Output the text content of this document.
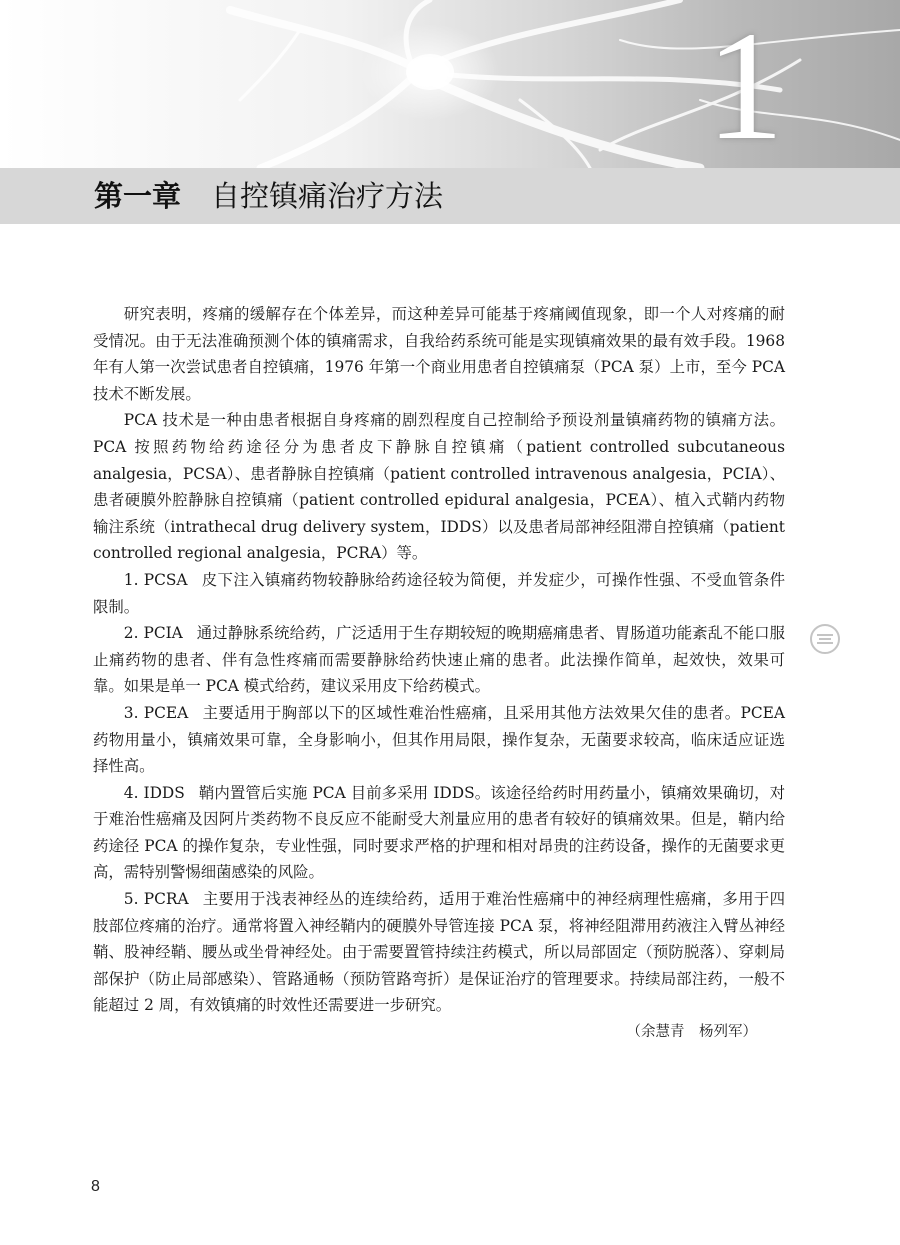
1
第一章 自控镇痛治疗方法

研究表明，疼痛的缓解存在个体差异，而这种差异可能基于疼痛阈值现象，即一个人对疼痛的耐受情况。由于无法准确预测个体的镇痛需求，自我给药系统可能是实现镇痛效果的最有效手段。1968 年有人第一次尝试患者自控镇痛，1976 年第一个商业用患者自控镇痛泵（PCA 泵）上市，至今 PCA 技术不断发展。

PCA 技术是一种由患者根据自身疼痛的剧烈程度自己控制给予预设剂量镇痛药物的镇痛方法。PCA 按照药物给药途径分为患者皮下静脉自控镇痛（patient controlled subcutaneous analgesia，PCSA）、患者静脉自控镇痛（patient controlled intravenous analgesia，PCIA）、患者硬膜外腔静脉自控镇痛（patient controlled epidural analgesia，PCEA）、植入式鞘内药物输注系统（intrathecal drug delivery system，IDDS）以及患者局部神经阻滞自控镇痛（patient controlled regional analgesia，PCRA）等。

1. PCSA 皮下注入镇痛药物较静脉给药途径较为简便，并发症少，可操作性强、不受血管条件限制。

2. PCIA 通过静脉系统给药，广泛适用于生存期较短的晚期癌痛患者、胃肠道功能紊乱不能口服止痛药物的患者、伴有急性疼痛而需要静脉给药快速止痛的患者。此法操作简单，起效快，效果可靠。如果是单一 PCA 模式给药，建议采用皮下给药模式。

3. PCEA 主要适用于胸部以下的区域性难治性癌痛，且采用其他方法效果欠佳的患者。PCEA 药物用量小，镇痛效果可靠，全身影响小，但其作用局限，操作复杂，无菌要求较高，临床适应证选择性高。

4. IDDS 鞘内置管后实施 PCA 目前多采用 IDDS。该途径给药时用药量小，镇痛效果确切，对于难治性癌痛及因阿片类药物不良反应不能耐受大剂量应用的患者有较好的镇痛效果。但是，鞘内给药途径 PCA 的操作复杂，专业性强，同时要求严格的护理和相对昂贵的注药设备，操作的无菌要求更高，需特别警惕细菌感染的风险。

5. PCRA 主要用于浅表神经丛的连续给药，适用于难治性癌痛中的神经病理性癌痛，多用于四肢部位疼痛的治疗。通常将置入神经鞘内的硬膜外导管连接 PCA 泵，将神经阻滞用药液注入臂丛神经鞘、股神经鞘、腰丛或坐骨神经处。由于需要置管持续注药模式，所以局部固定（预防脱落）、穿刺局部保护（防止局部感染）、管路通畅（预防管路弯折）是保证治疗的管理要求。持续局部注药，一般不能超过 2 周，有效镇痛的时效性还需要进一步研究。

（余慧青　杨列军）

8
